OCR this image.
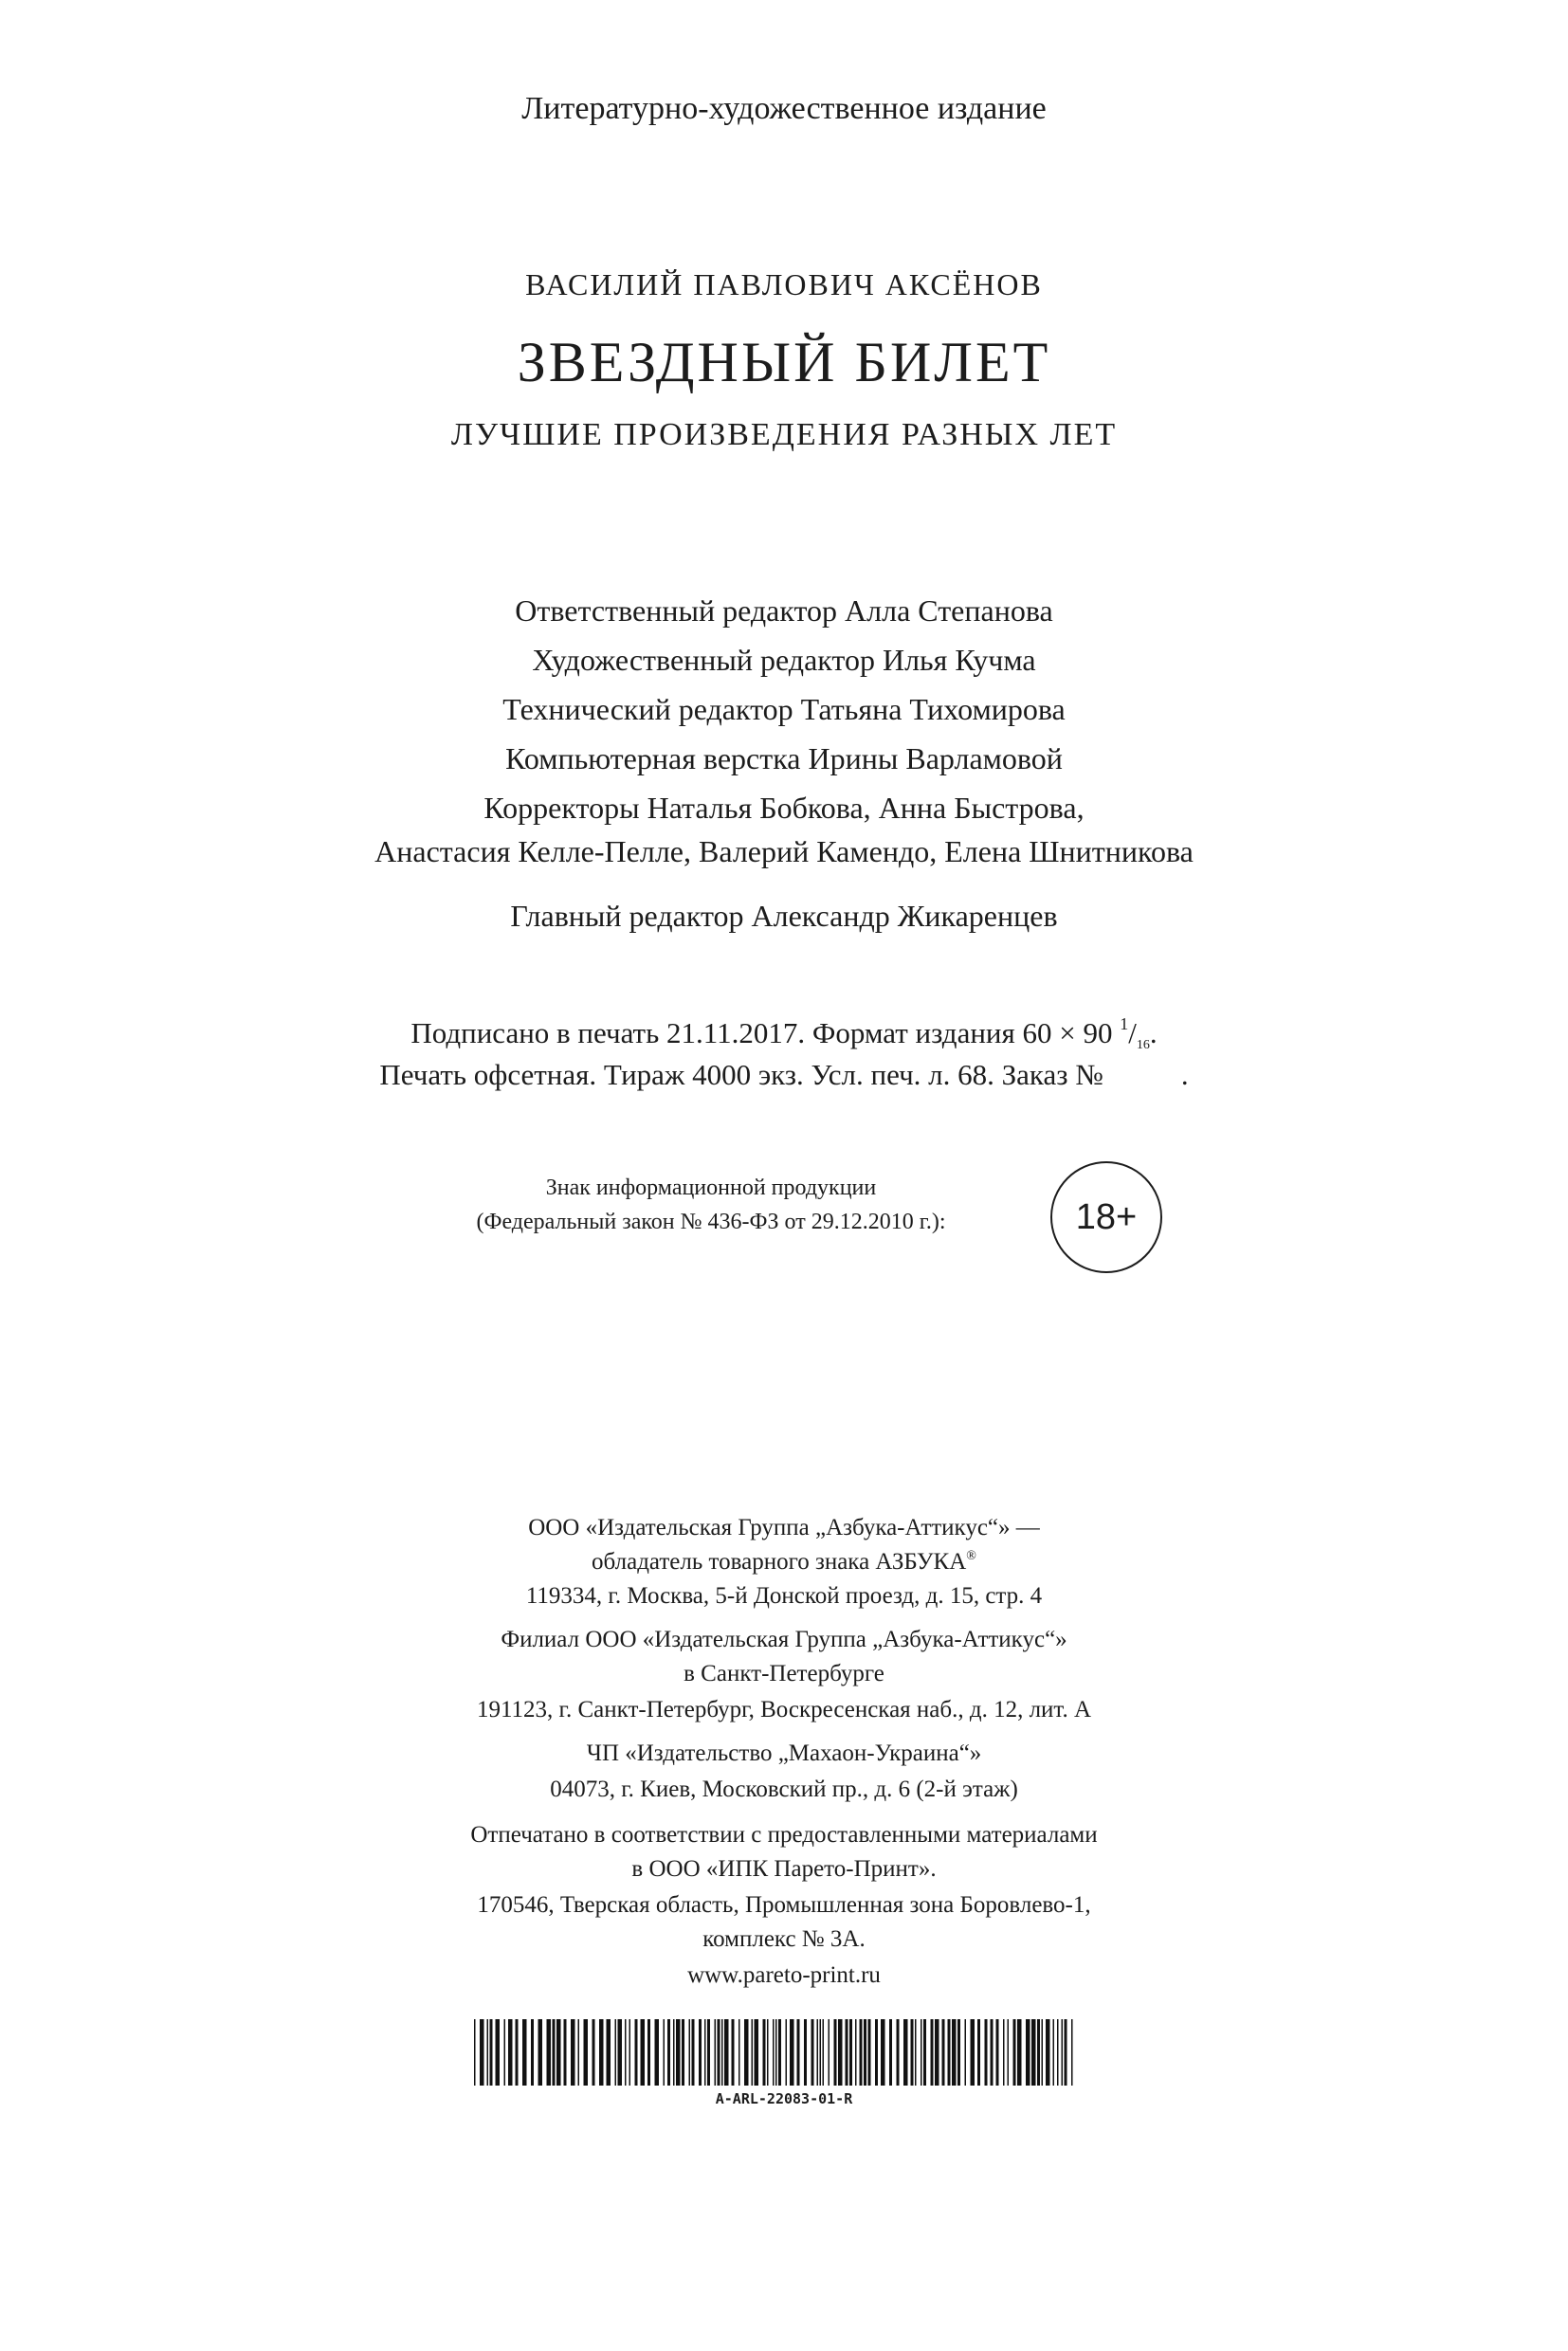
Литературно-художественное издание
ВАСИЛИЙ ПАВЛОВИЧ АКСЁНОВ
ЗВЕЗДНЫЙ БИЛЕТ
ЛУЧШИЕ ПРОИЗВЕДЕНИЯ РАЗНЫХ ЛЕТ
Ответственный редактор Алла Степанова
Художественный редактор Илья Кучма
Технический редактор Татьяна Тихомирова
Компьютерная верстка Ирины Варламовой
Корректоры Наталья Бобкова, Анна Быстрова,
Анастасия Келле-Пелле, Валерий Камендо, Елена Шнитникова
Главный редактор Александр Жикаренцев
Подписано в печать 21.11.2017. Формат издания 60 × 90 $^1/_{16}$.
Печать офсетная. Тираж 4000 экз. Усл. печ. л. 68. Заказ №	.
Знак информационной продукции
(Федеральный закон № 436-ФЗ от 29.12.2010 г.):	18+
ООО «Издательская Группа „Азбука-Аттикус“» —
обладатель товарного знака АЗБУКА®
119334, г. Москва, 5-й Донской проезд, д. 15, стр. 4
Филиал ООО «Издательская Группа „Азбука-Аттикус“»
в Санкт-Петербурге
191123, г. Санкт-Петербург, Воскресенская наб., д. 12, лит. А
ЧП «Издательство „Махаон-Украина“»
04073, г. Киев, Московский пр., д. 6 (2-й этаж)
Отпечатано в соответствии с предоставленными материалами
в ООО «ИПК Парето-Принт».
170546, Тверская область, Промышленная зона Боровлево-1,
комплекс № 3А.
www.pareto-print.ru
A-ARL-22083-01-R
